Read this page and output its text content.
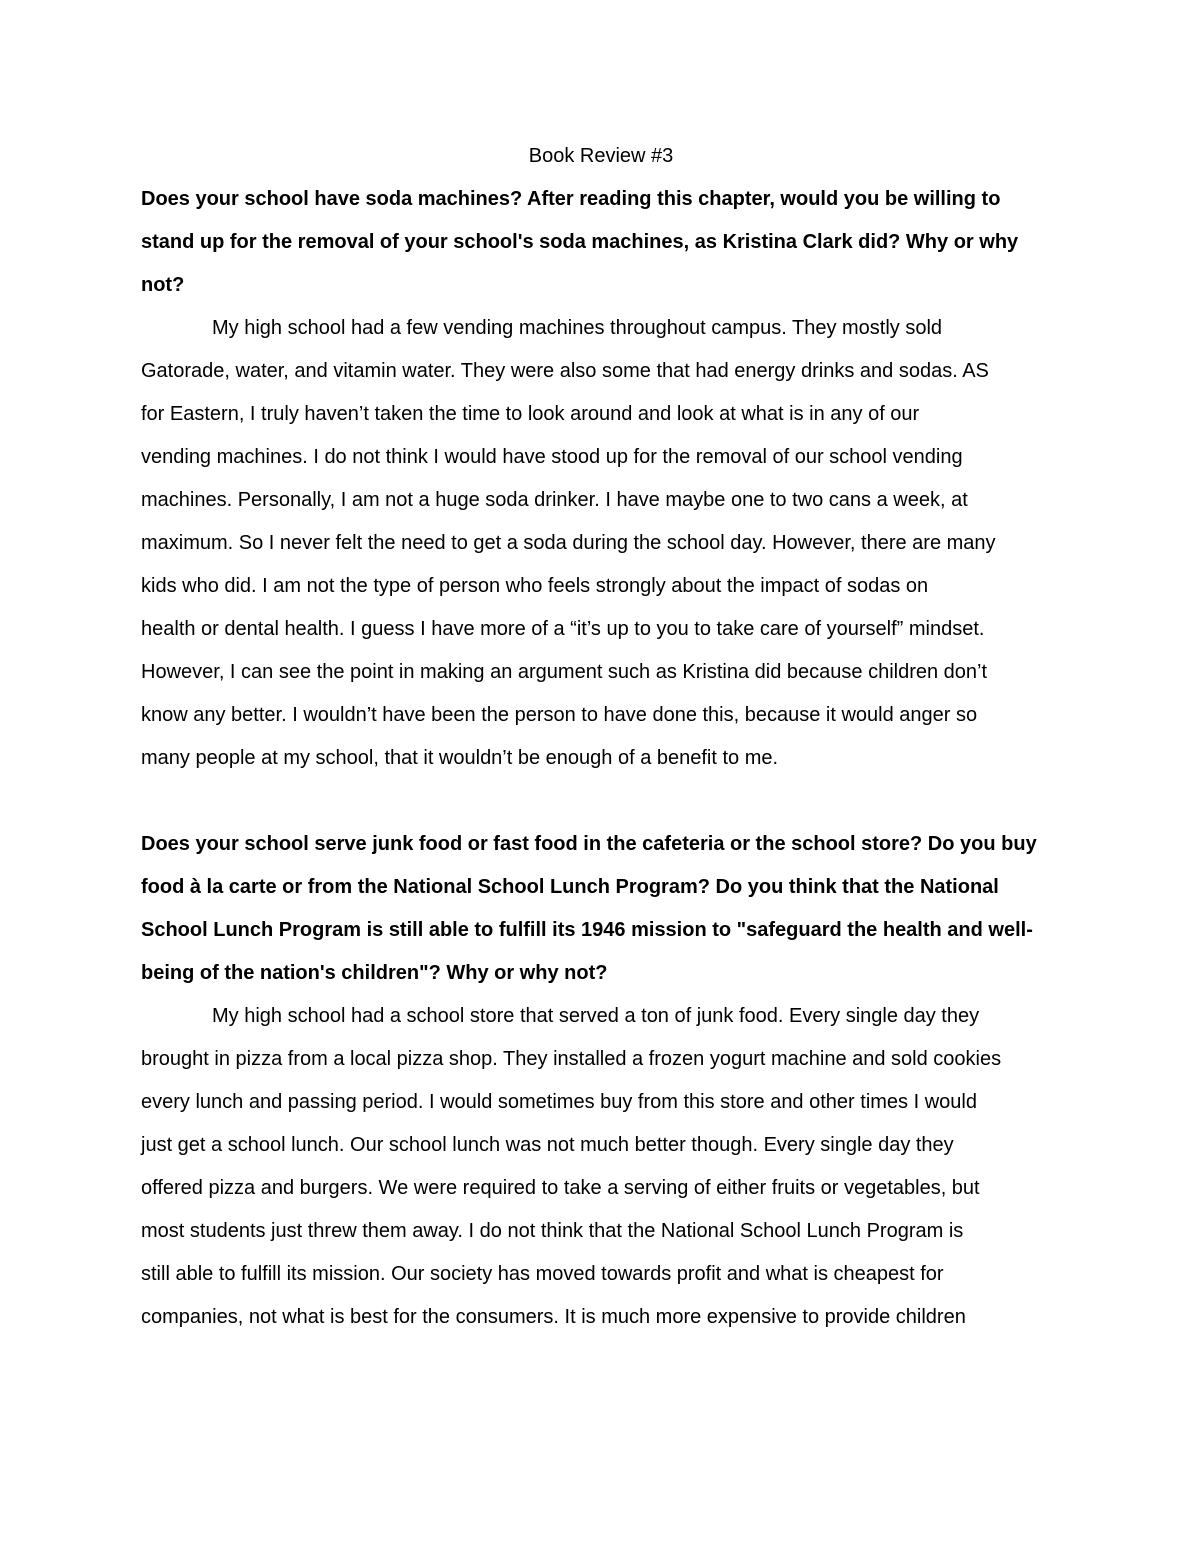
Book Review #3
Does your school have soda machines? After reading this chapter, would you be willing to
stand up for the removal of your school's soda machines, as Kristina Clark did? Why or why
not?
My high school had a few vending machines throughout campus. They mostly sold
Gatorade, water, and vitamin water. They were also some that had energy drinks and sodas. AS
for Eastern, I truly haven’t taken the time to look around and look at what is in any of our
vending machines. I do not think I would have stood up for the removal of our school vending
machines. Personally, I am not a huge soda drinker. I have maybe one to two cans a week, at
maximum. So I never felt the need to get a soda during the school day. However, there are many
kids who did. I am not the type of person who feels strongly about the impact of sodas on
health or dental health. I guess I have more of a “it’s up to you to take care of yourself” mindset.
However, I can see the point in making an argument such as Kristina did because children don’t
know any better. I wouldn’t have been the person to have done this, because it would anger so
many people at my school, that it wouldn’t be enough of a benefit to me.
Does your school serve junk food or fast food in the cafeteria or the school store? Do you buy
food à la carte or from the National School Lunch Program? Do you think that the National
School Lunch Program is still able to fulfill its 1946 mission to "safeguard the health and well-
being of the nation's children"? Why or why not?
My high school had a school store that served a ton of junk food. Every single day they
brought in pizza from a local pizza shop. They installed a frozen yogurt machine and sold cookies
every lunch and passing period. I would sometimes buy from this store and other times I would
just get a school lunch. Our school lunch was not much better though. Every single day they
offered pizza and burgers. We were required to take a serving of either fruits or vegetables, but
most students just threw them away. I do not think that the National School Lunch Program is
still able to fulfill its mission. Our society has moved towards profit and what is cheapest for
companies, not what is best for the consumers. It is much more expensive to provide children
